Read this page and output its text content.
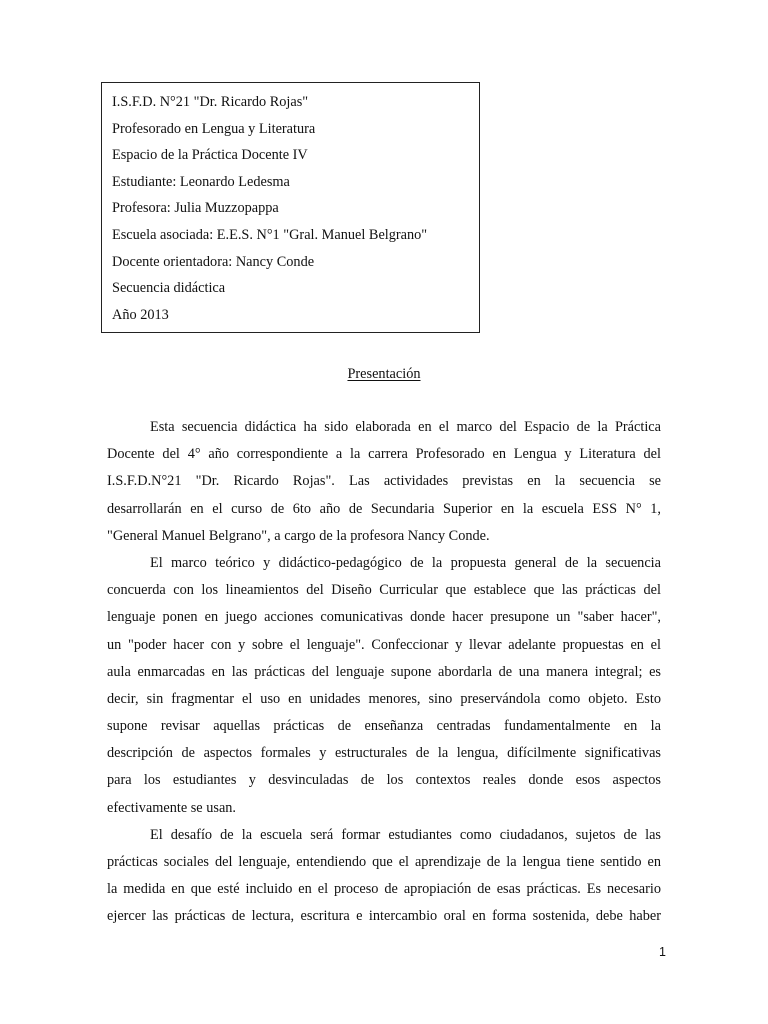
I.S.F.D. N°21 "Dr. Ricardo Rojas"
Profesorado en Lengua y Literatura
Espacio de la Práctica Docente IV
Estudiante: Leonardo Ledesma
Profesora: Julia Muzzopappa
Escuela asociada: E.E.S. N°1 "Gral. Manuel Belgrano"
Docente orientadora: Nancy Conde
Secuencia didáctica
Año 2013
Presentación
Esta secuencia didáctica ha sido elaborada en el marco del Espacio de la Práctica
Docente del 4° año correspondiente a la carrera Profesorado en Lengua y Literatura del
I.S.F.D.N°21 "Dr. Ricardo Rojas". Las actividades previstas en la secuencia se
desarrollarán en el curso de 6to año de Secundaria Superior en la escuela ESS N° 1,
"General Manuel Belgrano", a cargo de la profesora Nancy Conde.
El marco teórico y didáctico-pedagógico de la propuesta general de la secuencia
concuerda con los lineamientos del Diseño Curricular que establece que las prácticas del
lenguaje ponen en juego acciones comunicativas donde hacer presupone un "saber hacer",
un "poder hacer con y sobre el lenguaje". Confeccionar y llevar adelante propuestas en el
aula enmarcadas en las prácticas del lenguaje supone abordarla de una manera integral; es
decir, sin fragmentar el uso en unidades menores, sino preservándola como objeto. Esto
supone revisar aquellas prácticas de enseñanza centradas fundamentalmente en la
descripción de aspectos formales y estructurales de la lengua, difícilmente significativas
para los estudiantes y desvinculadas de los contextos reales donde esos aspectos
efectivamente se usan.
El desafío de la escuela será formar estudiantes como ciudadanos, sujetos de las
prácticas sociales del lenguaje, entendiendo que el aprendizaje de la lengua tiene sentido en
la medida en que esté incluido en el proceso de apropiación de esas prácticas. Es necesario
ejercer las prácticas de lectura, escritura e intercambio oral en forma sostenida, debe haber
1
